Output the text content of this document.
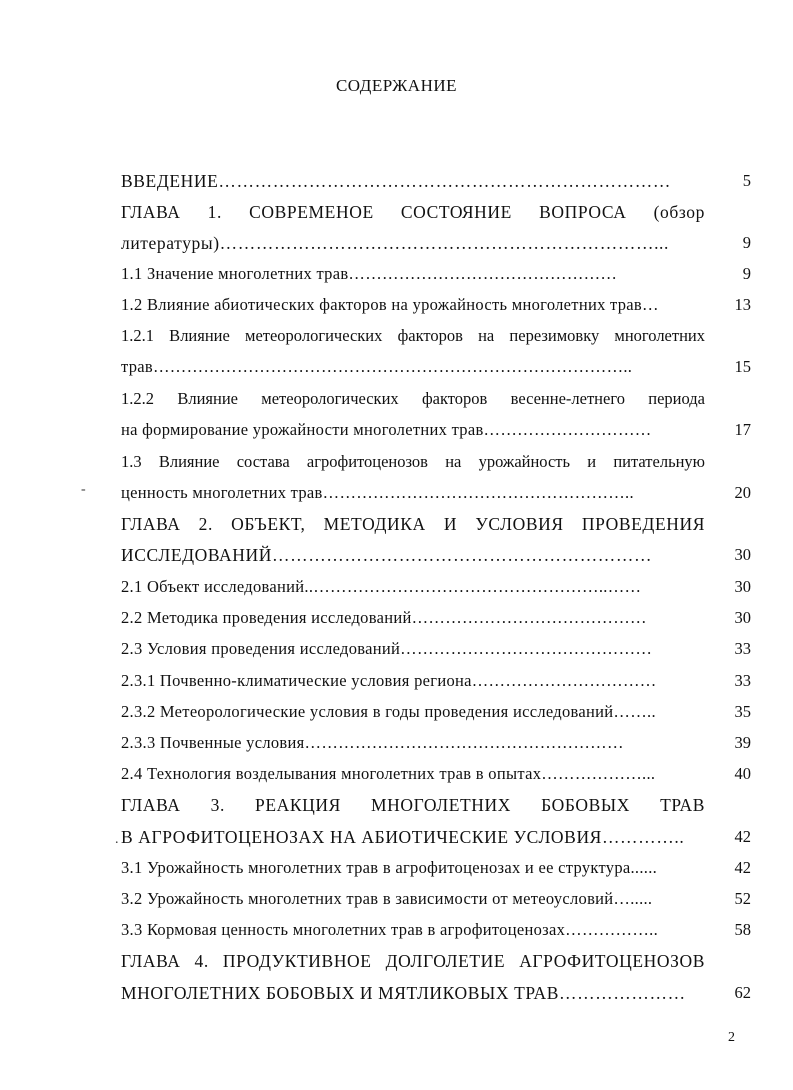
СОДЕРЖАНИЕ
ВВЕДЕНИЕ…………………………………………………………………	5
ГЛАВА 1. СОВРЕМЕНОЕ СОСТОЯНИЕ ВОПРОСА (обзор
литературы)………………………………………………………………...	9
1.1 Значение многолетних трав…………………………………………	9
1.2 Влияние абиотических факторов на урожайность многолетних трав…	13
1.2.1 Влияние метеорологических факторов на перезимовку многолетних
трав…………………………………………………………………………..	15
1.2.2 Влияние метеорологических факторов весенне-летнего периода
на формирование урожайности многолетних трав…………………………	17
1.3 Влияние состава агрофитоценозов на урожайность и питательную
ценность многолетних трав………………………………………………..	20
ГЛАВА 2. ОБЪЕКТ, МЕТОДИКА И УСЛОВИЯ ПРОВЕДЕНИЯ
ИССЛЕДОВАНИЙ………………………………………………………	30
2.1 Объект исследований..……………………………………………..……	30
2.2 Методика проведения исследований……………………………………	30
2.3 Условия проведения исследований………………………………………	33
2.3.1 Почвенно-климатические условия региона……………………………	33
2.3.2 Метеорологические условия в годы проведения исследований……..	35
2.3.3 Почвенные условия…………………………………………………	39
2.4 Технология возделывания многолетних трав в опытах………………...	40
ГЛАВА 3. РЕАКЦИЯ МНОГОЛЕТНИХ БОБОВЫХ ТРАВ
В АГРОФИТОЦЕНОЗАХ НА АБИОТИЧЕСКИЕ УСЛОВИЯ…………..	42
3.1 Урожайность многолетних трав в агрофитоценозах и ее структура......	42
3.2 Урожайность многолетних трав в зависимости от метеоусловий….....	52
3.3 Кормовая ценность многолетних трав в агрофитоценозах……………..	58
ГЛАВА 4. ПРОДУКТИВНОЕ ДОЛГОЛЕТИЕ АГРОФИТОЦЕНОЗОВ
МНОГОЛЕТНИХ БОБОВЫХ И МЯТЛИКОВЫХ ТРАВ…………………	62
-
.
2
